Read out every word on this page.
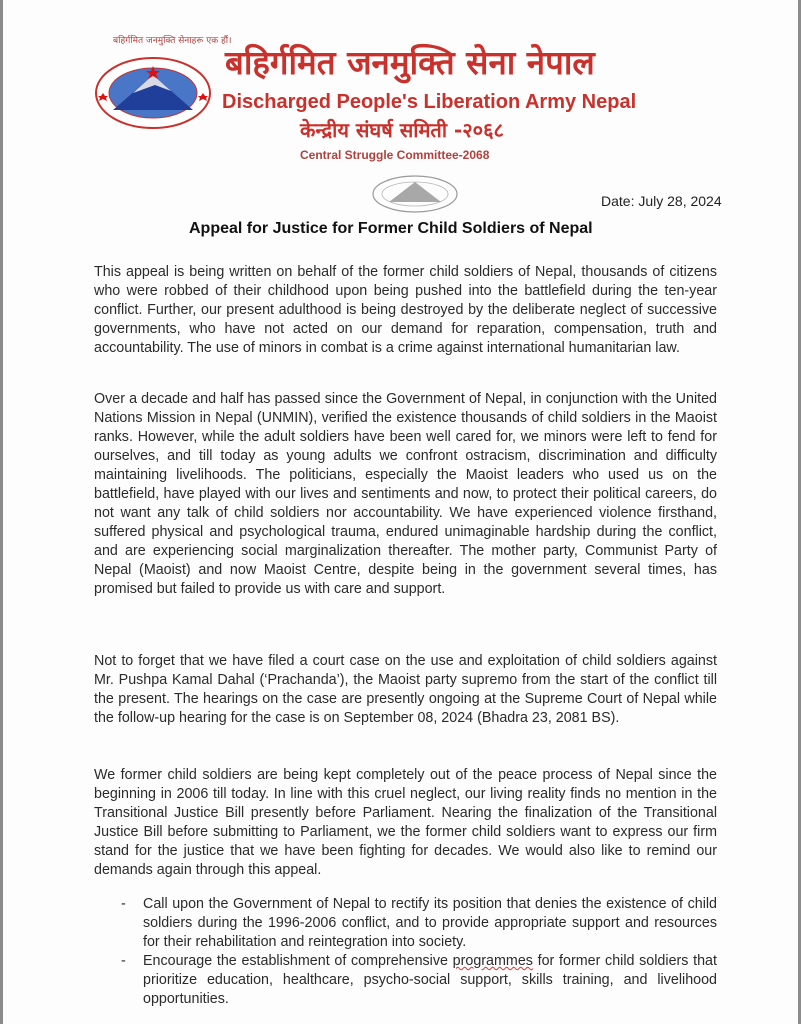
बहिर्गमित जनमुक्ति सेनाहरू एक हौं।
बहिर्गमित जनमुक्ति सेना नेपाल
Discharged People's Liberation Army Nepal
केन्द्रीय संघर्ष समिती -२०६८
Central Struggle Committee-2068
Date: July 28, 2024
Appeal for Justice for Former Child Soldiers of Nepal

This appeal is being written on behalf of the former child soldiers of Nepal, thousands of citizens who were robbed of their childhood upon being pushed into the battlefield during the ten-year conflict. Further, our present adulthood is being destroyed by the deliberate neglect of successive governments, who have not acted on our demand for reparation, compensation, truth and accountability. The use of minors in combat is a crime against international humanitarian law.

Over a decade and half has passed since the Government of Nepal, in conjunction with the United Nations Mission in Nepal (UNMIN), verified the existence thousands of child soldiers in the Maoist ranks. However, while the adult soldiers have been well cared for, we minors were left to fend for ourselves, and till today as young adults we confront ostracism, discrimination and difficulty maintaining livelihoods. The politicians, especially the Maoist leaders who used us on the battlefield, have played with our lives and sentiments and now, to protect their political careers, do not want any talk of child soldiers nor accountability. We have experienced violence firsthand, suffered physical and psychological trauma, endured unimaginable hardship during the conflict, and are experiencing social marginalization thereafter. The mother party, Communist Party of Nepal (Maoist) and now Maoist Centre, despite being in the government several times, has promised but failed to provide us with care and support.

Not to forget that we have filed a court case on the use and exploitation of child soldiers against Mr. Pushpa Kamal Dahal (‘Prachanda’), the Maoist party supremo from the start of the conflict till the present. The hearings on the case are presently ongoing at the Supreme Court of Nepal while the follow-up hearing for the case is on September 08, 2024 (Bhadra 23, 2081 BS).

We former child soldiers are being kept completely out of the peace process of Nepal since the beginning in 2006 till today. In line with this cruel neglect, our living reality finds no mention in the Transitional Justice Bill presently before Parliament. Nearing the finalization of the Transitional Justice Bill before submitting to Parliament, we the former child soldiers want to express our firm stand for the justice that we have been fighting for decades. We would also like to remind our demands again through this appeal.

- Call upon the Government of Nepal to rectify its position that denies the existence of child soldiers during the 1996-2006 conflict, and to provide appropriate support and resources for their rehabilitation and reintegration into society.
- Encourage the establishment of comprehensive programmes for former child soldiers that prioritize education, healthcare, psycho-social support, skills training, and livelihood opportunities.
